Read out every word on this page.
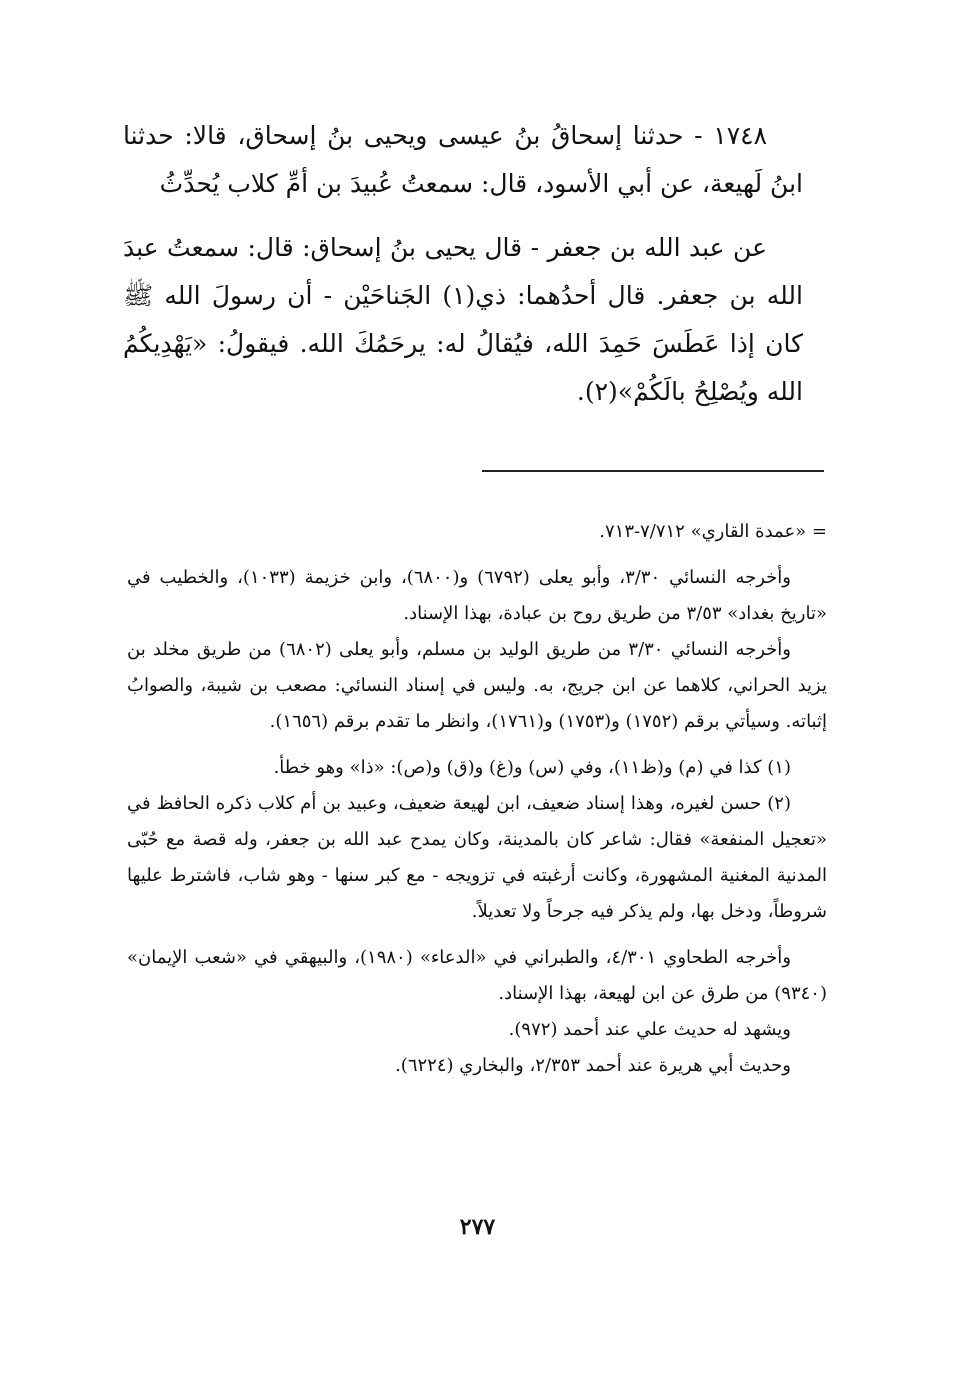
١٧٤٨ - حدثنا إسحاقُ بنُ عيسى ويحيى بنُ إسحاق، قالا: حدثنا ابنُ لَهيعة، عن أبي الأسود، قال: سمعتُ عُبيدَ بن أمِّ كلاب يُحدِّثُ

عن عبد الله بن جعفر - قال يحيى بنُ إسحاق: قال: سمعتُ عبدَ الله بن جعفر. قال أحدُهما: ذي(١) الجَناحَيْن - أن رسولَ الله ﷺ كان إذا عَطَسَ حَمِدَ الله، فيُقالُ له: يرحَمُكَ الله. فيقولُ: «يَهْدِيكُمُ الله ويُصْلِحُ بالَكُمْ»(٢).

= «عمدة القاري» ٧/٧١٢-٧١٣.

وأخرجه النسائي ٣/٣٠، وأبو يعلى (٦٧٩٢) و(٦٨٠٠)، وابن خزيمة (١٠٣٣)، والخطيب في «تاريخ بغداد» ٣/٥٣ من طريق روح بن عبادة، بهذا الإسناد.

وأخرجه النسائي ٣/٣٠ من طريق الوليد بن مسلم، وأبو يعلى (٦٨٠٢) من طريق مخلد بن يزيد الحراني، كلاهما عن ابن جريج، به. وليس في إسناد النسائي: مصعب بن شيبة، والصوابُ إثباته. وسيأتي برقم (١٧٥٢) و(١٧٥٣) و(١٧٦١)، وانظر ما تقدم برقم (١٦٥٦).

(١) كذا في (م) و(ظ١١)، وفي (س) و(غ) و(ق) و(ص): «ذا» وهو خطأ.

(٢) حسن لغيره، وهذا إسناد ضعيف، ابن لهيعة ضعيف، وعبيد بن أم كلاب ذكره الحافظ في «تعجيل المنفعة» فقال: شاعر كان بالمدينة، وكان يمدح عبد الله بن جعفر، وله قصة مع حُبّى المدنية المغنية المشهورة، وكانت أرغبته في تزويجه - مع كبر سنها - وهو شاب، فاشترط عليها شروطاً، ودخل بها، ولم يذكر فيه جرحاً ولا تعديلاً.

وأخرجه الطحاوي ٤/٣٠١، والطبراني في «الدعاء» (١٩٨٠)، والبيهقي في «شعب الإيمان» (٩٣٤٠) من طرق عن ابن لهيعة، بهذا الإسناد.

ويشهد له حديث علي عند أحمد (٩٧٢).

وحديث أبي هريرة عند أحمد ٢/٣٥٣، والبخاري (٦٢٢٤).

٢٧٧
